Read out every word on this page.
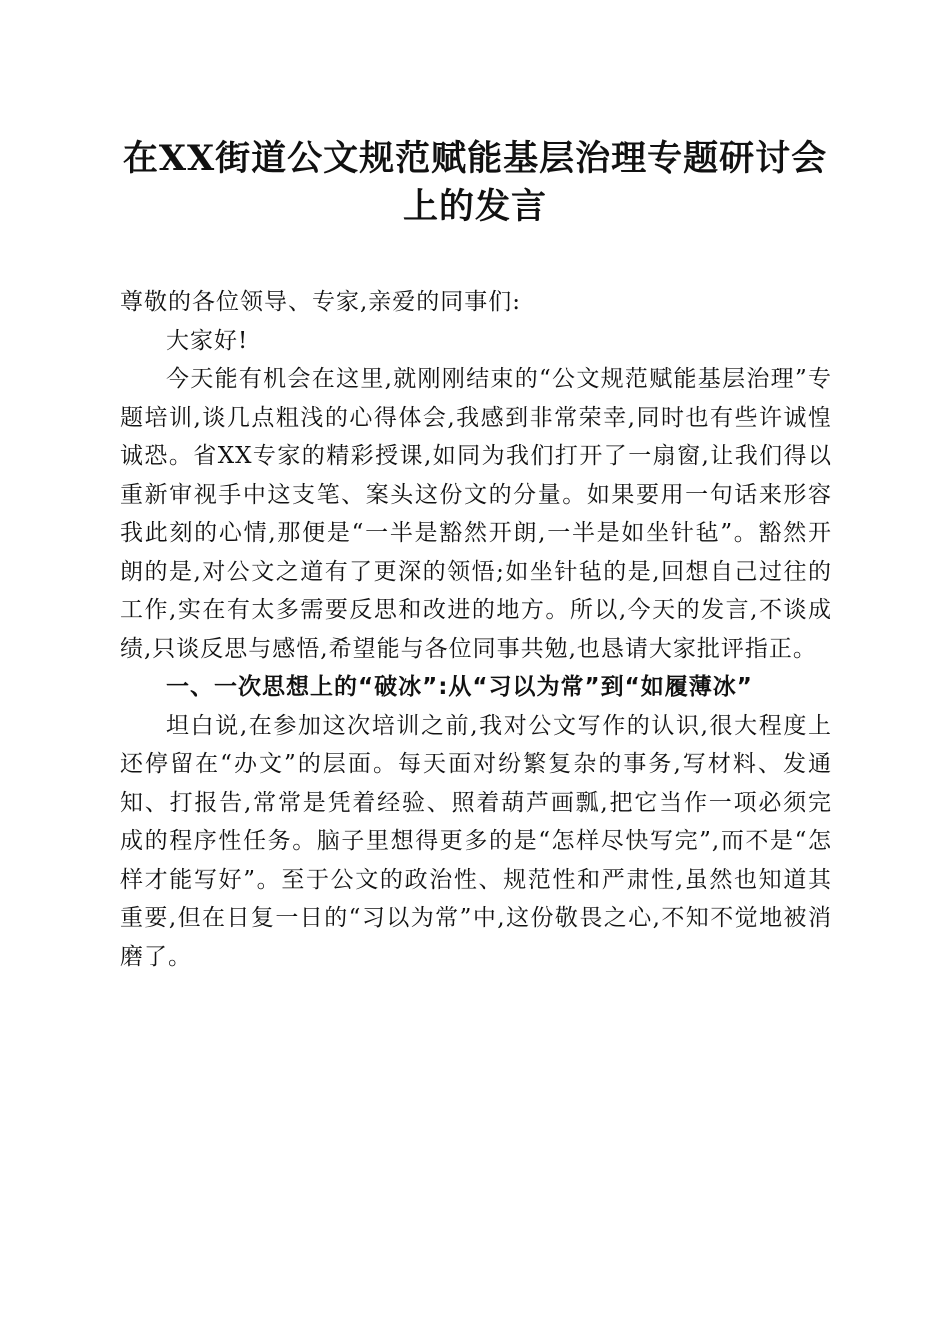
在XX街道公文规范赋能基层治理专题研讨会
上的发言

尊敬的各位领导、专家,亲爱的同事们:

大家好!

今天能有机会在这里,就刚刚结束的“公文规范赋能基层治理”专题培训,谈几点粗浅的心得体会,我感到非常荣幸,同时也有些许诚惶诚恐。省XX专家的精彩授课,如同为我们打开了一扇窗,让我们得以重新审视手中这支笔、案头这份文的分量。如果要用一句话来形容我此刻的心情,那便是“一半是豁然开朗,一半是如坐针毡”。豁然开朗的是,对公文之道有了更深的领悟;如坐针毡的是,回想自己过往的工作,实在有太多需要反思和改进的地方。所以,今天的发言,不谈成绩,只谈反思与感悟,希望能与各位同事共勉,也恳请大家批评指正。

一、一次思想上的“破冰”:从“习以为常”到“如履薄冰”

坦白说,在参加这次培训之前,我对公文写作的认识,很大程度上还停留在“办文”的层面。每天面对纷繁复杂的事务,写材料、发通知、打报告,常常是凭着经验、照着葫芦画瓢,把它当作一项必须完成的程序性任务。脑子里想得更多的是“怎样尽快写完”,而不是“怎样才能写好”。至于公文的政治性、规范性和严肃性,虽然也知道其重要,但在日复一日的“习以为常”中,这份敬畏之心,不知不觉地被消磨了。
